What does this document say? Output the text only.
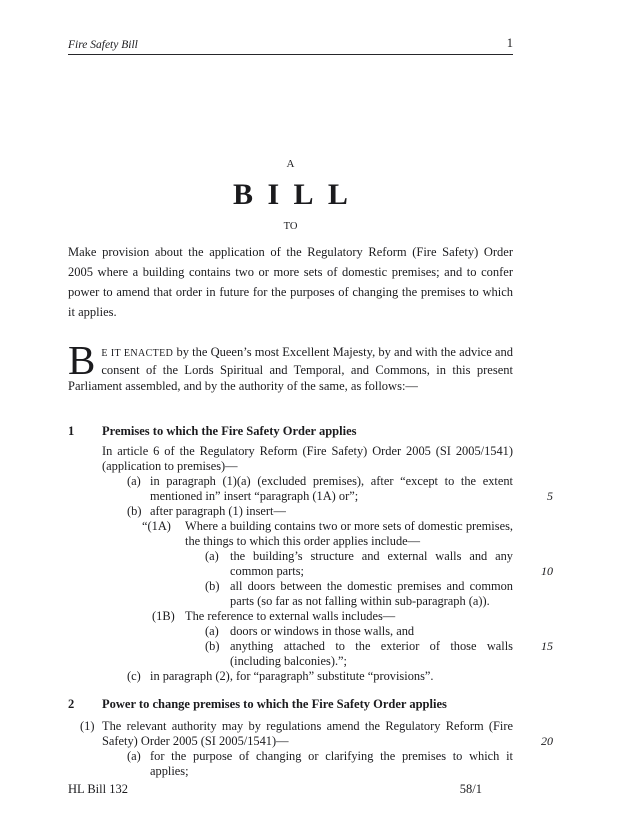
Fire Safety Bill	1
A
BILL
TO

Make provision about the application of the Regulatory Reform (Fire Safety) Order 2005 where a building contains two or more sets of domestic premises; and to confer power to amend that order in future for the purposes of changing the premises to which it applies.

B E IT ENACTED by the Queen’s most Excellent Majesty, by and with the advice and consent of the Lords Spiritual and Temporal, and Commons, in this present Parliament assembled, and by the authority of the same, as follows:—

1 Premises to which the Fire Safety Order applies

In article 6 of the Regulatory Reform (Fire Safety) Order 2005 (SI 2005/1541) (application to premises)—

(a) in paragraph (1)(a) (excluded premises), after “except to the extent mentioned in” insert “paragraph (1A) or”;	5

(b) after paragraph (1) insert—

“(1A) Where a building contains two or more sets of domestic premises, the things to which this order applies include—

(a) the building’s structure and external walls and any common parts;	10

(b) all doors between the domestic premises and common parts (so far as not falling within sub-paragraph (a)).

(1B) The reference to external walls includes—

(a) doors or windows in those walls, and

(b) anything attached to the exterior of those walls (including balconies).”;
15

(c) in paragraph (2), for “paragraph” substitute “provisions”.

2 Power to change premises to which the Fire Safety Order applies

(1) The relevant authority may by regulations amend the Regulatory Reform (Fire Safety) Order 2005 (SI 2005/1541)—	20

(a) for the purpose of changing or clarifying the premises to which it applies;

HL Bill 132	58/1
